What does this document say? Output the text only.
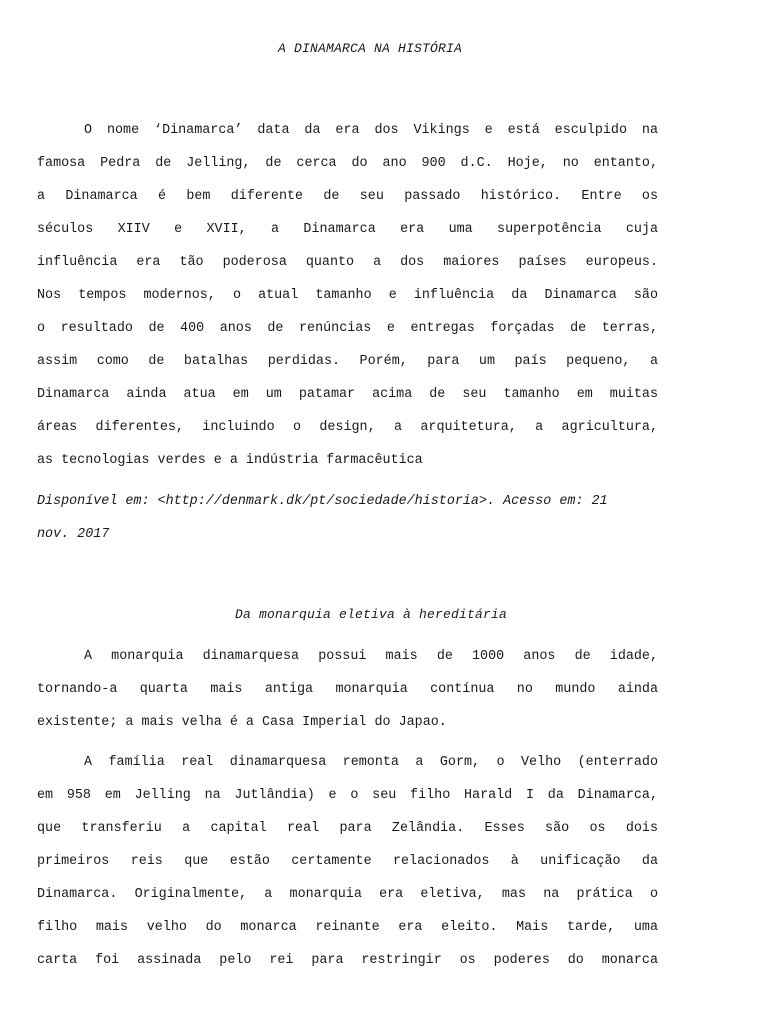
A DINAMARCA NA HISTÓRIA
O nome ‘Dinamarca’ data da era dos Vikings e está esculpido na
famosa Pedra de Jelling, de cerca do ano 900 d.C. Hoje, no entanto,
a Dinamarca é bem diferente de seu passado histórico. Entre os
séculos XIIV e XVII, a Dinamarca era uma superpotência cuja
influência era tão poderosa quanto a dos maiores países europeus.
Nos tempos modernos, o atual tamanho e influência da Dinamarca são
o resultado de 400 anos de renúncias e entregas forçadas de terras,
assim como de batalhas perdidas. Porém, para um país pequeno, a
Dinamarca ainda atua em um patamar acima de seu tamanho em muitas
áreas diferentes, incluindo o design, a arquitetura, a agricultura,
as tecnologias verdes e a indústria farmacêutica
Disponível em: <http://denmark.dk/pt/sociedade/historia>. Acesso em: 21
nov. 2017
Da monarquia eletiva à hereditária
A monarquia dinamarquesa possui mais de 1000 anos de idade,
tornando-a quarta mais antiga monarquia contínua no mundo ainda
existente; a mais velha é a Casa Imperial do Japao.
A família real dinamarquesa remonta a Gorm, o Velho (enterrado
em 958 em Jelling na Jutlândia) e o seu filho Harald I da Dinamarca,
que transferiu a capital real para Zelândia. Esses são os dois
primeiros reis que estão certamente relacionados à unificação da
Dinamarca. Originalmente, a monarquia era eletiva, mas na prática o
filho mais velho do monarca reinante era eleito. Mais tarde, uma
carta foi assinada pelo rei para restringir os poderes do monarca
